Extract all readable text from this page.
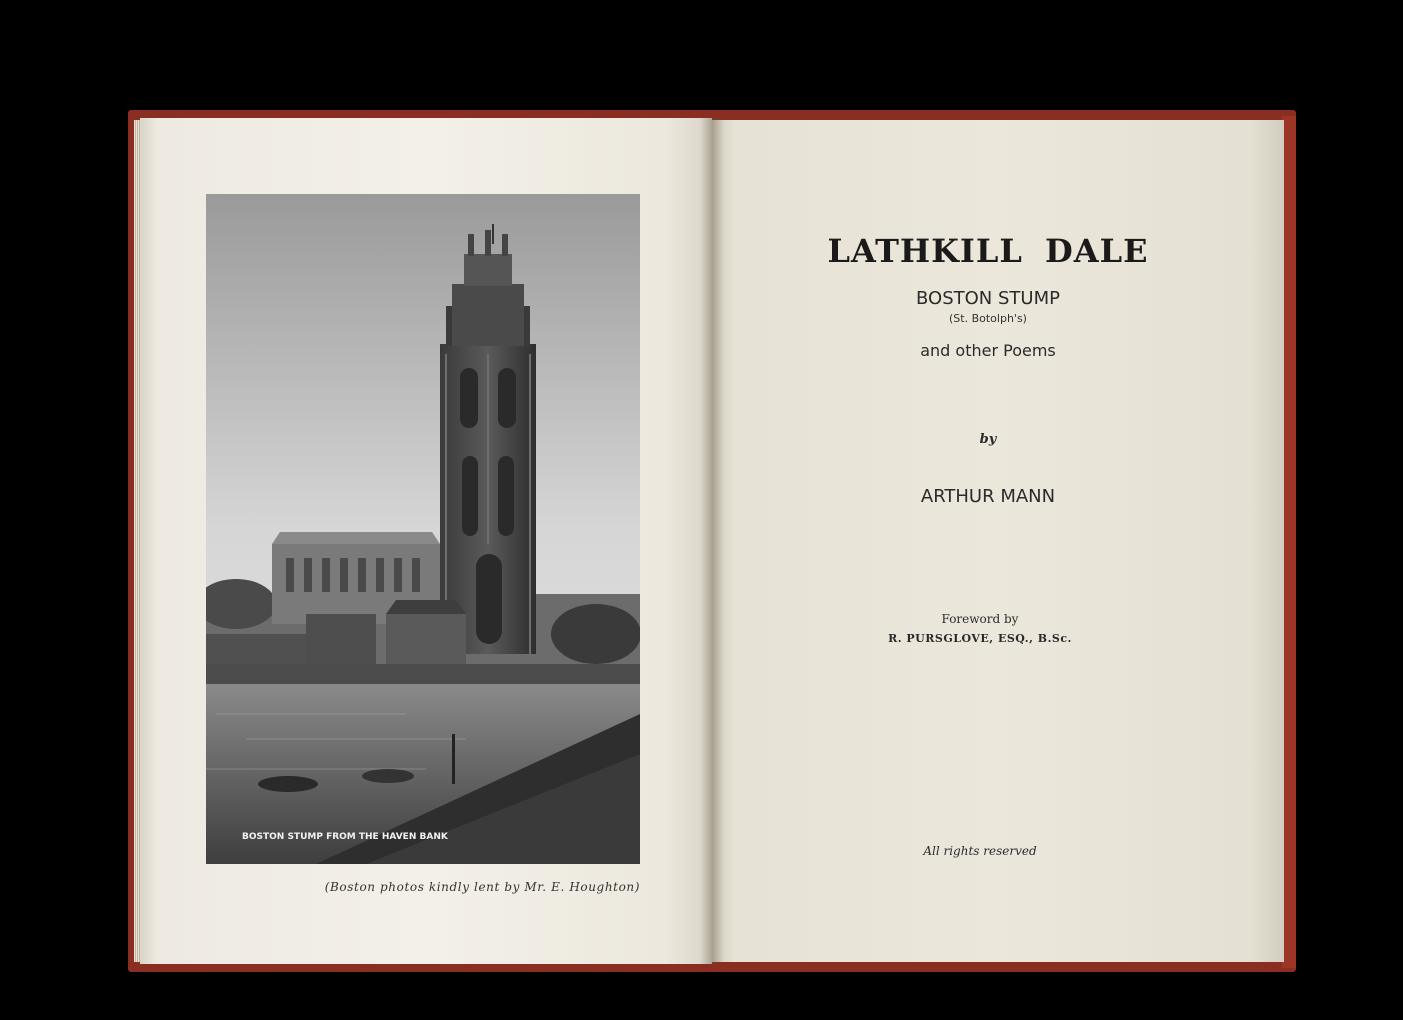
BOSTON STUMP FROM THE HAVEN BANK
(Boston photos kindly lent by Mr. E. Houghton)
LATHKILL DALE
BOSTON STUMP
(St. Botolph's)
and other Poems
by
ARTHUR MANN
Foreword by
R. PURSGLOVE, ESQ., B.Sc.
All rights reserved
